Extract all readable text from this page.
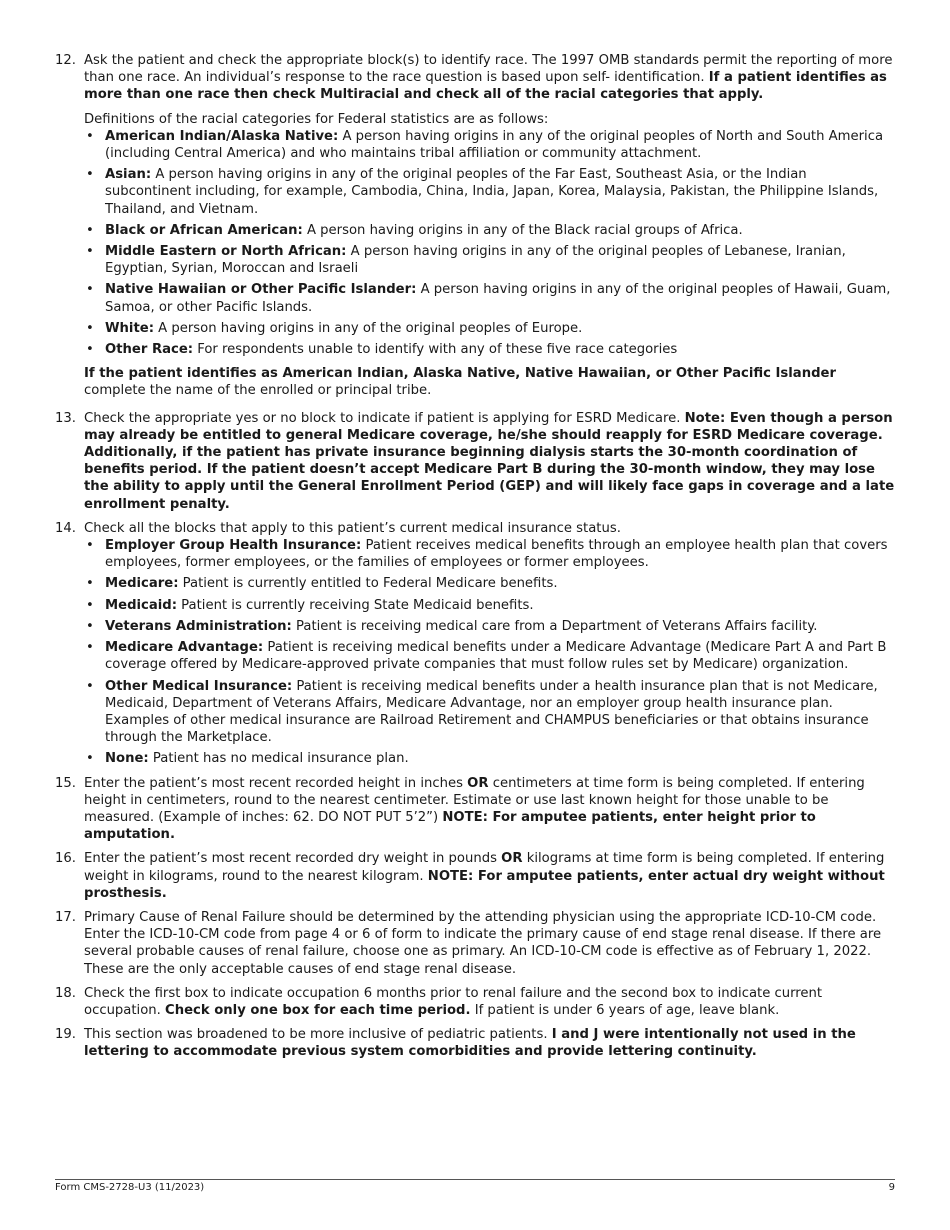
12. Ask the patient and check the appropriate block(s) to identify race. The 1997 OMB standards permit the reporting of more than one race. An individual’s response to the race question is based upon self- identification. If a patient identifies as more than one race then check Multiracial and check all of the racial categories that apply.

Definitions of the racial categories for Federal statistics are as follows:

• American Indian/Alaska Native: A person having origins in any of the original peoples of North and South America (including Central America) and who maintains tribal affiliation or community attachment.
• Asian: A person having origins in any of the original peoples of the Far East, Southeast Asia, or the Indian subcontinent including, for example, Cambodia, China, India, Japan, Korea, Malaysia, Pakistan, the Philippine Islands, Thailand, and Vietnam.
• Black or African American: A person having origins in any of the Black racial groups of Africa.
• Middle Eastern or North African: A person having origins in any of the original peoples of Lebanese, Iranian, Egyptian, Syrian, Moroccan and Israeli
• Native Hawaiian or Other Pacific Islander: A person having origins in any of the original peoples of Hawaii, Guam, Samoa, or other Pacific Islands.
• White: A person having origins in any of the original peoples of Europe.
• Other Race: For respondents unable to identify with any of these five race categories

If the patient identifies as American Indian, Alaska Native, Native Hawaiian, or Other Pacific Islander complete the name of the enrolled or principal tribe.

13. Check the appropriate yes or no block to indicate if patient is applying for ESRD Medicare. Note: Even though a person may already be entitled to general Medicare coverage, he/she should reapply for ESRD Medicare coverage. Additionally, if the patient has private insurance beginning dialysis starts the 30-month coordination of benefits period. If the patient doesn’t accept Medicare Part B during the 30-month window, they may lose the ability to apply until the General Enrollment Period (GEP) and will likely face gaps in coverage and a late enrollment penalty.

14. Check all the blocks that apply to this patient’s current medical insurance status.

• Employer Group Health Insurance: Patient receives medical benefits through an employee health plan that covers employees, former employees, or the families of employees or former employees.
• Medicare: Patient is currently entitled to Federal Medicare benefits.
• Medicaid: Patient is currently receiving State Medicaid benefits.
• Veterans Administration: Patient is receiving medical care from a Department of Veterans Affairs facility.
• Medicare Advantage: Patient is receiving medical benefits under a Medicare Advantage (Medicare Part A and Part B coverage offered by Medicare-approved private companies that must follow rules set by Medicare) organization.
• Other Medical Insurance: Patient is receiving medical benefits under a health insurance plan that is not Medicare, Medicaid, Department of Veterans Affairs, Medicare Advantage, nor an employer group health insurance plan. Examples of other medical insurance are Railroad Retirement and CHAMPUS beneficiaries or that obtains insurance through the Marketplace.
• None: Patient has no medical insurance plan.
15. Enter the patient’s most recent recorded height in inches OR centimeters at time form is being completed. If entering height in centimeters, round to the nearest centimeter. Estimate or use last known height for those unable to be measured. (Example of inches: 62. DO NOT PUT 5’2”) NOTE: For amputee patients, enter height prior to amputation.

16. Enter the patient’s most recent recorded dry weight in pounds OR kilograms at time form is being completed. If entering weight in kilograms, round to the nearest kilogram. NOTE: For amputee patients, enter actual dry weight without prosthesis.

17. Primary Cause of Renal Failure should be determined by the attending physician using the appropriate ICD-10-CM code. Enter the ICD-10-CM code from page 4 or 6 of form to indicate the primary cause of end stage renal disease. If there are several probable causes of renal failure, choose one as primary. An ICD-10-CM code is effective as of February 1, 2022. These are the only acceptable causes of end stage renal disease.

18. Check the first box to indicate occupation 6 months prior to renal failure and the second box to indicate current occupation. Check only one box for each time period. If patient is under 6 years of age, leave blank.

19. This section was broadened to be more inclusive of pediatric patients. I and J were intentionally not used in the lettering to accommodate previous system comorbidities and provide lettering continuity.

Form CMS-2728-U3 (11/2023)	9
